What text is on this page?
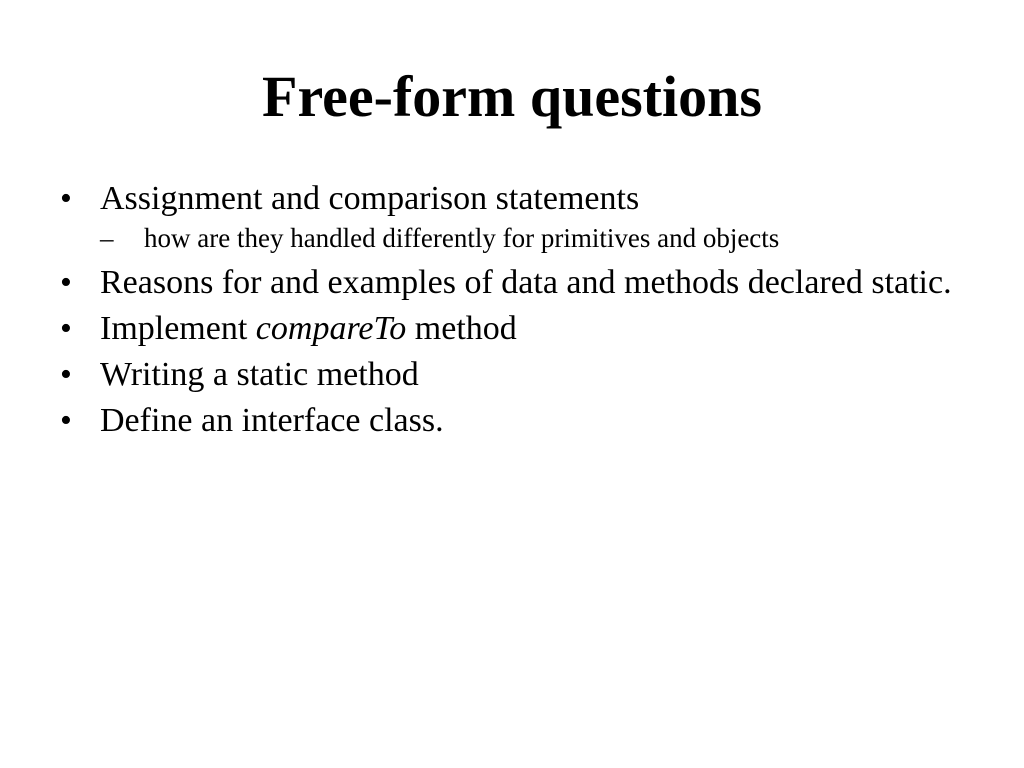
Free-form questions
• Assignment and comparison statements
– how are they handled differently for primitives and objects
• Reasons for and examples of data and methods declared static.
• Implement compareTo method
• Writing a static method
• Define an interface class.
